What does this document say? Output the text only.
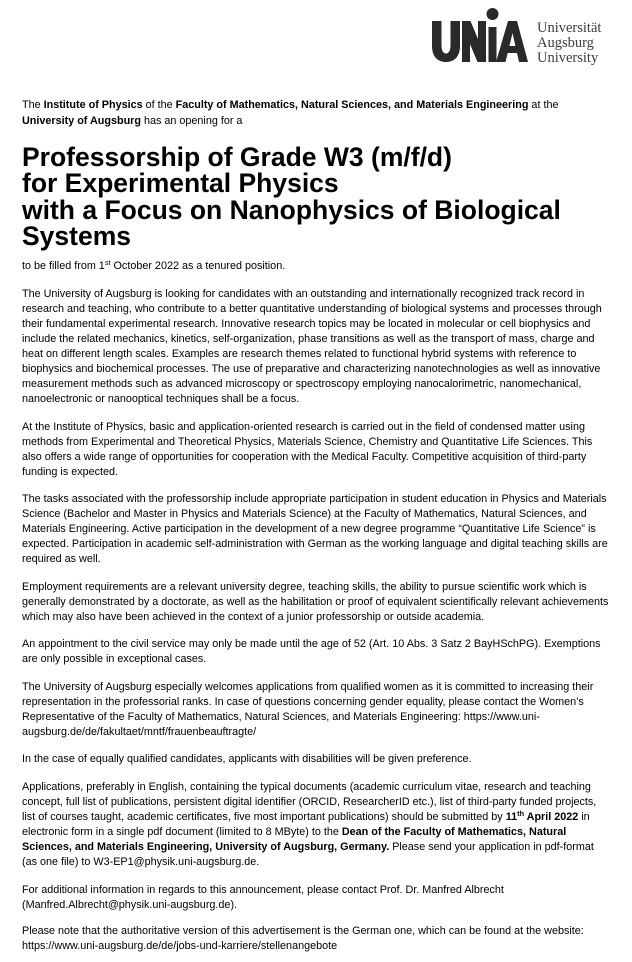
Universität
Augsburg
University
The Institute of Physics of the Faculty of Mathematics, Natural Sciences, and Materials Engineering at the
University of Augsburg has an opening for a
Professorship of Grade W3 (m/f/d)
for Experimental Physics
with a Focus on Nanophysics of Biological
Systems
to be filled from 1st October 2022 as a tenured position.
The University of Augsburg is looking for candidates with an outstanding and internationally recognized track record in
research and teaching, who contribute to a better quantitative understanding of biological systems and processes through
their fundamental experimental research. Innovative research topics may be located in molecular or cell biophysics and
include the related mechanics, kinetics, self-organization, phase transitions as well as the transport of mass, charge and
heat on different length scales. Examples are research themes related to functional hybrid systems with reference to
biophysics and biochemical processes. The use of preparative and characterizing nanotechnologies as well as innovative
measurement methods such as advanced microscopy or spectroscopy employing nanocalorimetric, nanomechanical,
nanoelectronic or nanooptical techniques shall be a focus.
At the Institute of Physics, basic and application-oriented research is carried out in the field of condensed matter using
methods from Experimental and Theoretical Physics, Materials Science, Chemistry and Quantitative Life Sciences. This
also offers a wide range of opportunities for cooperation with the Medical Faculty. Competitive acquisition of third-party
funding is expected.
The tasks associated with the professorship include appropriate participation in student education in Physics and Materials
Science (Bachelor and Master in Physics and Materials Science) at the Faculty of Mathematics, Natural Sciences, and
Materials Engineering. Active participation in the development of a new degree programme “Quantitative Life Science” is
expected. Participation in academic self-administration with German as the working language and digital teaching skills are
required as well.
Employment requirements are a relevant university degree, teaching skills, the ability to pursue scientific work which is
generally demonstrated by a doctorate, as well as the habilitation or proof of equivalent scientifically relevant achievements
which may also have been achieved in the context of a junior professorship or outside academia.
An appointment to the civil service may only be made until the age of 52 (Art. 10 Abs. 3 Satz 2 BayHSchPG). Exemptions
are only possible in exceptional cases.
The University of Augsburg especially welcomes applications from qualified women as it is committed to increasing their
representation in the professorial ranks. In case of questions concerning gender equality, please contact the Women’s
Representative of the Faculty of Mathematics, Natural Sciences, and Materials Engineering: https://www.uni-
augsburg.de/de/fakultaet/mntf/frauenbeauftragte/
In the case of equally qualified candidates, applicants with disabilities will be given preference.
Applications, preferably in English, containing the typical documents (academic curriculum vitae, research and teaching
concept, full list of publications, persistent digital identifier (ORCID, ResearcherID etc.), list of third-party funded projects,
list of courses taught, academic certificates, five most important publications) should be submitted by 11th April 2022 in
electronic form in a single pdf document (limited to 8 MByte) to the Dean of the Faculty of Mathematics, Natural
Sciences, and Materials Engineering, University of Augsburg, Germany. Please send your application in pdf-format
(as one file) to W3-EP1@physik.uni-augsburg.de.
For additional information in regards to this announcement, please contact Prof. Dr. Manfred Albrecht
(Manfred.Albrecht@physik.uni-augsburg.de).
Please note that the authoritative version of this advertisement is the German one, which can be found at the website:
https://www.uni-augsburg.de/de/jobs-und-karriere/stellenangebote
